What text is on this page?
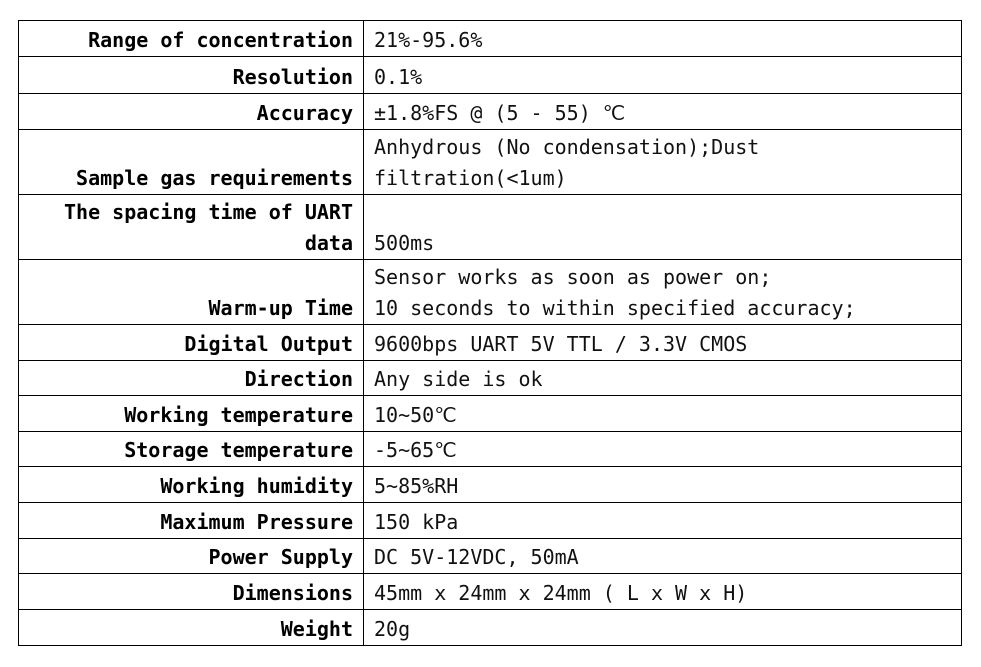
Range of concentration	21%-95.6%
Resolution	0.1%
Accuracy	±1.8%FS @ (5 - 55) ℃
Sample gas requirements	Anhydrous (No condensation);Dust
filtration(<1um)
The spacing time of UART
data	500ms
Warm-up Time	Sensor works as soon as power on;
10 seconds to within specified accuracy;
Digital Output	9600bps UART 5V TTL / 3.3V CMOS
Direction	Any side is ok
Working temperature	10~50℃
Storage temperature	-5~65℃
Working humidity	5~85%RH
Maximum Pressure	150 kPa
Power Supply	DC 5V-12VDC, 50mA
Dimensions	45mm x 24mm x 24mm ( L x W x H)
Weight	20g
